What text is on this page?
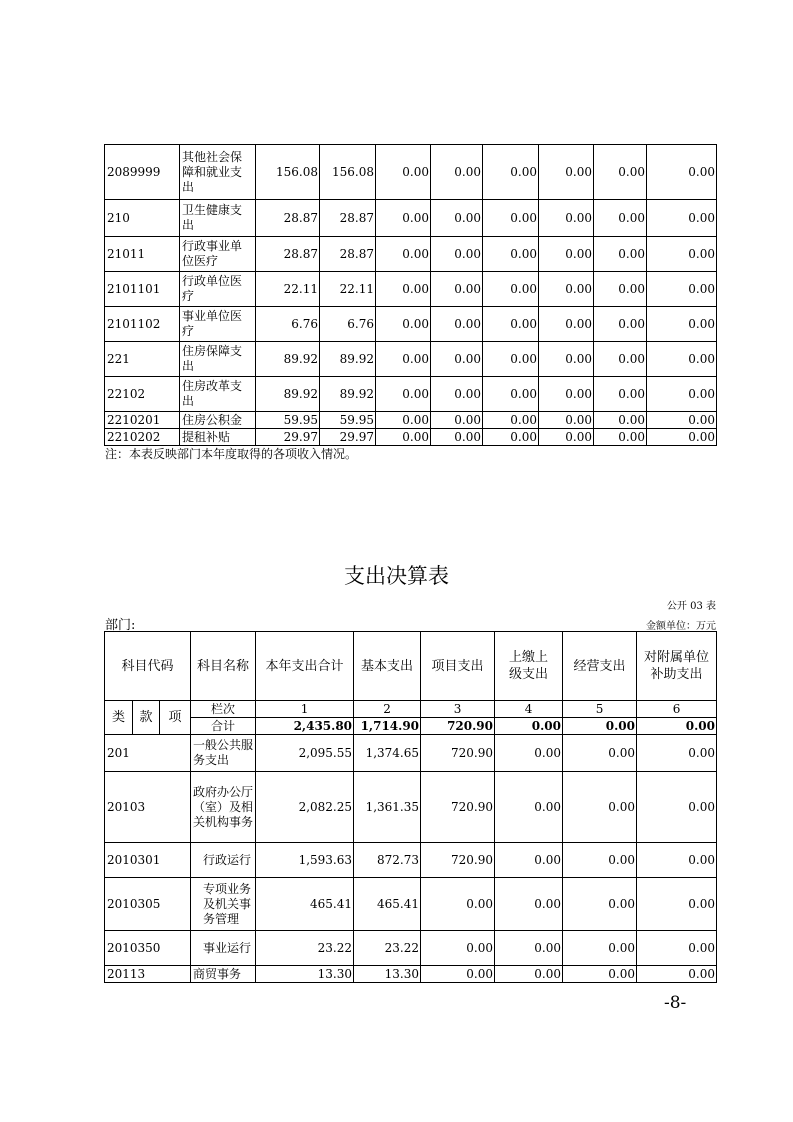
2089999	其他社会保障和就业支出	156.08	156.08	0.00	0.00	0.00	0.00	0.00	0.00
210	卫生健康支出	28.87	28.87	0.00	0.00	0.00	0.00	0.00	0.00
21011	行政事业单位医疗	28.87	28.87	0.00	0.00	0.00	0.00	0.00	0.00
2101101	行政单位医疗	22.11	22.11	0.00	0.00	0.00	0.00	0.00	0.00
2101102	事业单位医疗	6.76	6.76	0.00	0.00	0.00	0.00	0.00	0.00
221	住房保障支出	89.92	89.92	0.00	0.00	0.00	0.00	0.00	0.00
22102	住房改革支出	89.92	89.92	0.00	0.00	0.00	0.00	0.00	0.00
2210201	住房公积金	59.95	59.95	0.00	0.00	0.00	0.00	0.00	0.00
2210202	提租补贴	29.97	29.97	0.00	0.00	0.00	0.00	0.00	0.00
注：本表反映部门本年度取得的各项收入情况。
支出决算表
公开 03 表
部门:	金额单位：万元
科目代码			科目名称	本年支出合计	基本支出	项目支出	上缴上级支出	经营支出	对附属单位补助支出
类	款	项	栏次	1	2	3	4	5	6
			合计	2,435.80	1,714.90	720.90	0.00	0.00	0.00
201			一般公共服务支出	2,095.55	1,374.65	720.90	0.00	0.00	0.00
20103			政府办公厅（室）及相关机构事务	2,082.25	1,361.35	720.90	0.00	0.00	0.00
2010301			行政运行	1,593.63	872.73	720.90	0.00	0.00	0.00
2010305			专项业务及机关事务管理	465.41	465.41	0.00	0.00	0.00	0.00
2010350			事业运行	23.22	23.22	0.00	0.00	0.00	0.00
20113			商贸事务	13.30	13.30	0.00	0.00	0.00	0.00
-8-
